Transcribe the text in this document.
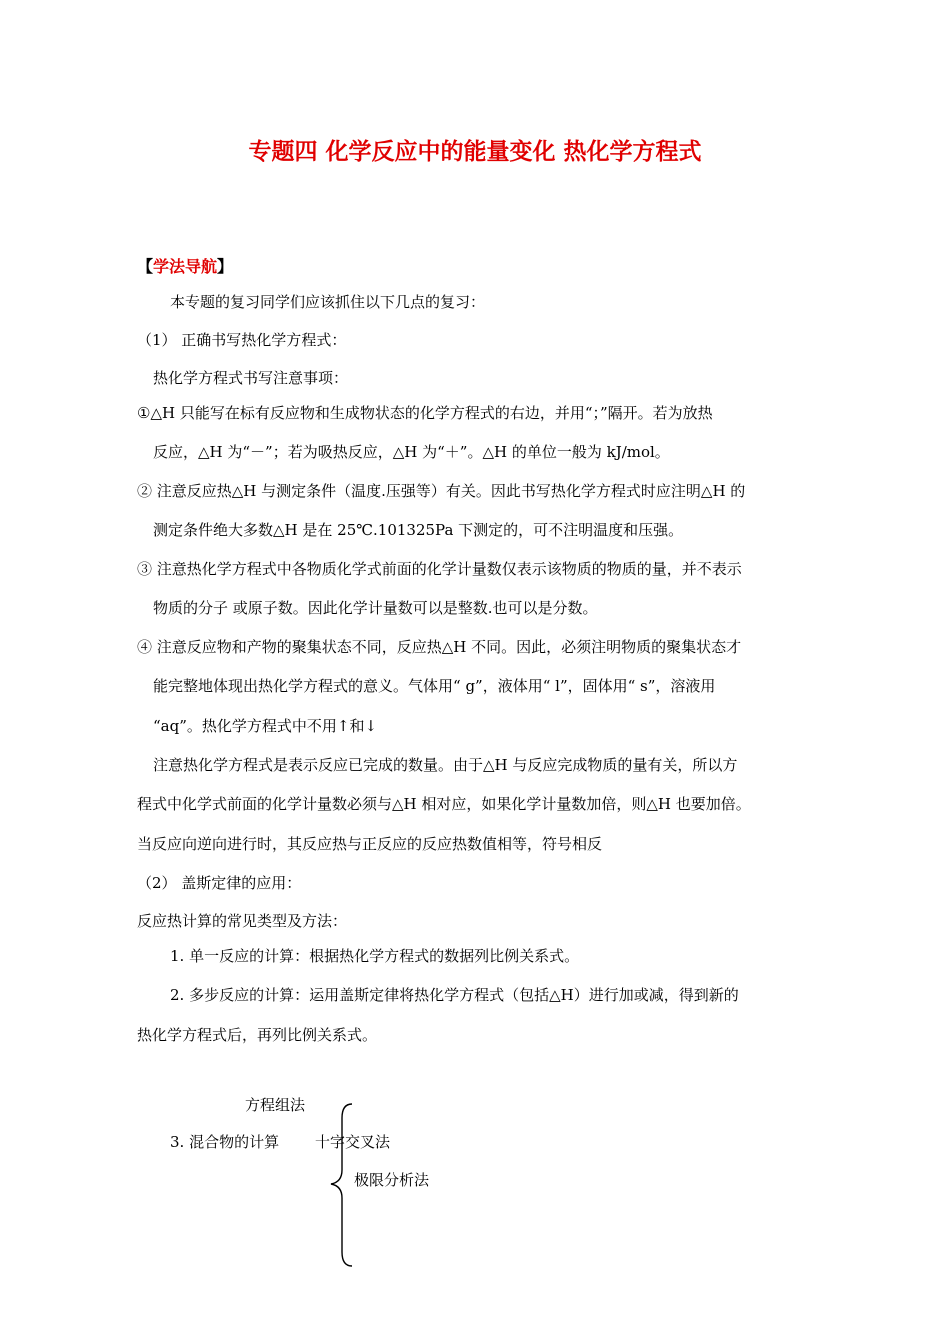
专题四 化学反应中的能量变化 热化学方程式
【学法导航】
本专题的复习同学们应该抓住以下几点的复习：
（1） 正确书写热化学方程式：
热化学方程式书写注意事项：
①△H 只能写在标有反应物和生成物状态的化学方程式的右边，并用“；”隔开。若为放热
反应，△H 为“－”；若为吸热反应，△H 为“＋”。△H 的单位一般为 kJ/mol。
② 注意反应热△H 与测定条件（温度.压强等）有关。因此书写热化学方程式时应注明△H 的
测定条件绝大多数△H 是在 25℃.101325Pa 下测定的，可不注明温度和压强。
③ 注意热化学方程式中各物质化学式前面的化学计量数仅表示该物质的物质的量，并不表示
物质的分子 或原子数。因此化学计量数可以是整数.也可以是分数。
④ 注意反应物和产物的聚集状态不同，反应热△H 不同。因此，必须注明物质的聚集状态才
能完整地体现出热化学方程式的意义。气体用“ g”，液体用“ l”，固体用“ s”，溶液用
“aq”。热化学方程式中不用↑和↓
注意热化学方程式是表示反应已完成的数量。由于△H 与反应完成物质的量有关，所以方
程式中化学式前面的化学计量数必须与△H 相对应，如果化学计量数加倍，则△H 也要加倍。
当反应向逆向进行时，其反应热与正反应的反应热数值相等，符号相反
（2） 盖斯定律的应用：
反应热计算的常见类型及方法：
1. 单一反应的计算：根据热化学方程式的数据列比例关系式。
2. 多步反应的计算：运用盖斯定律将热化学方程式（包括△H）进行加或减，得到新的
热化学方程式后，再列比例关系式。
方程组法
3. 混合物的计算 十字交叉法
极限分析法
